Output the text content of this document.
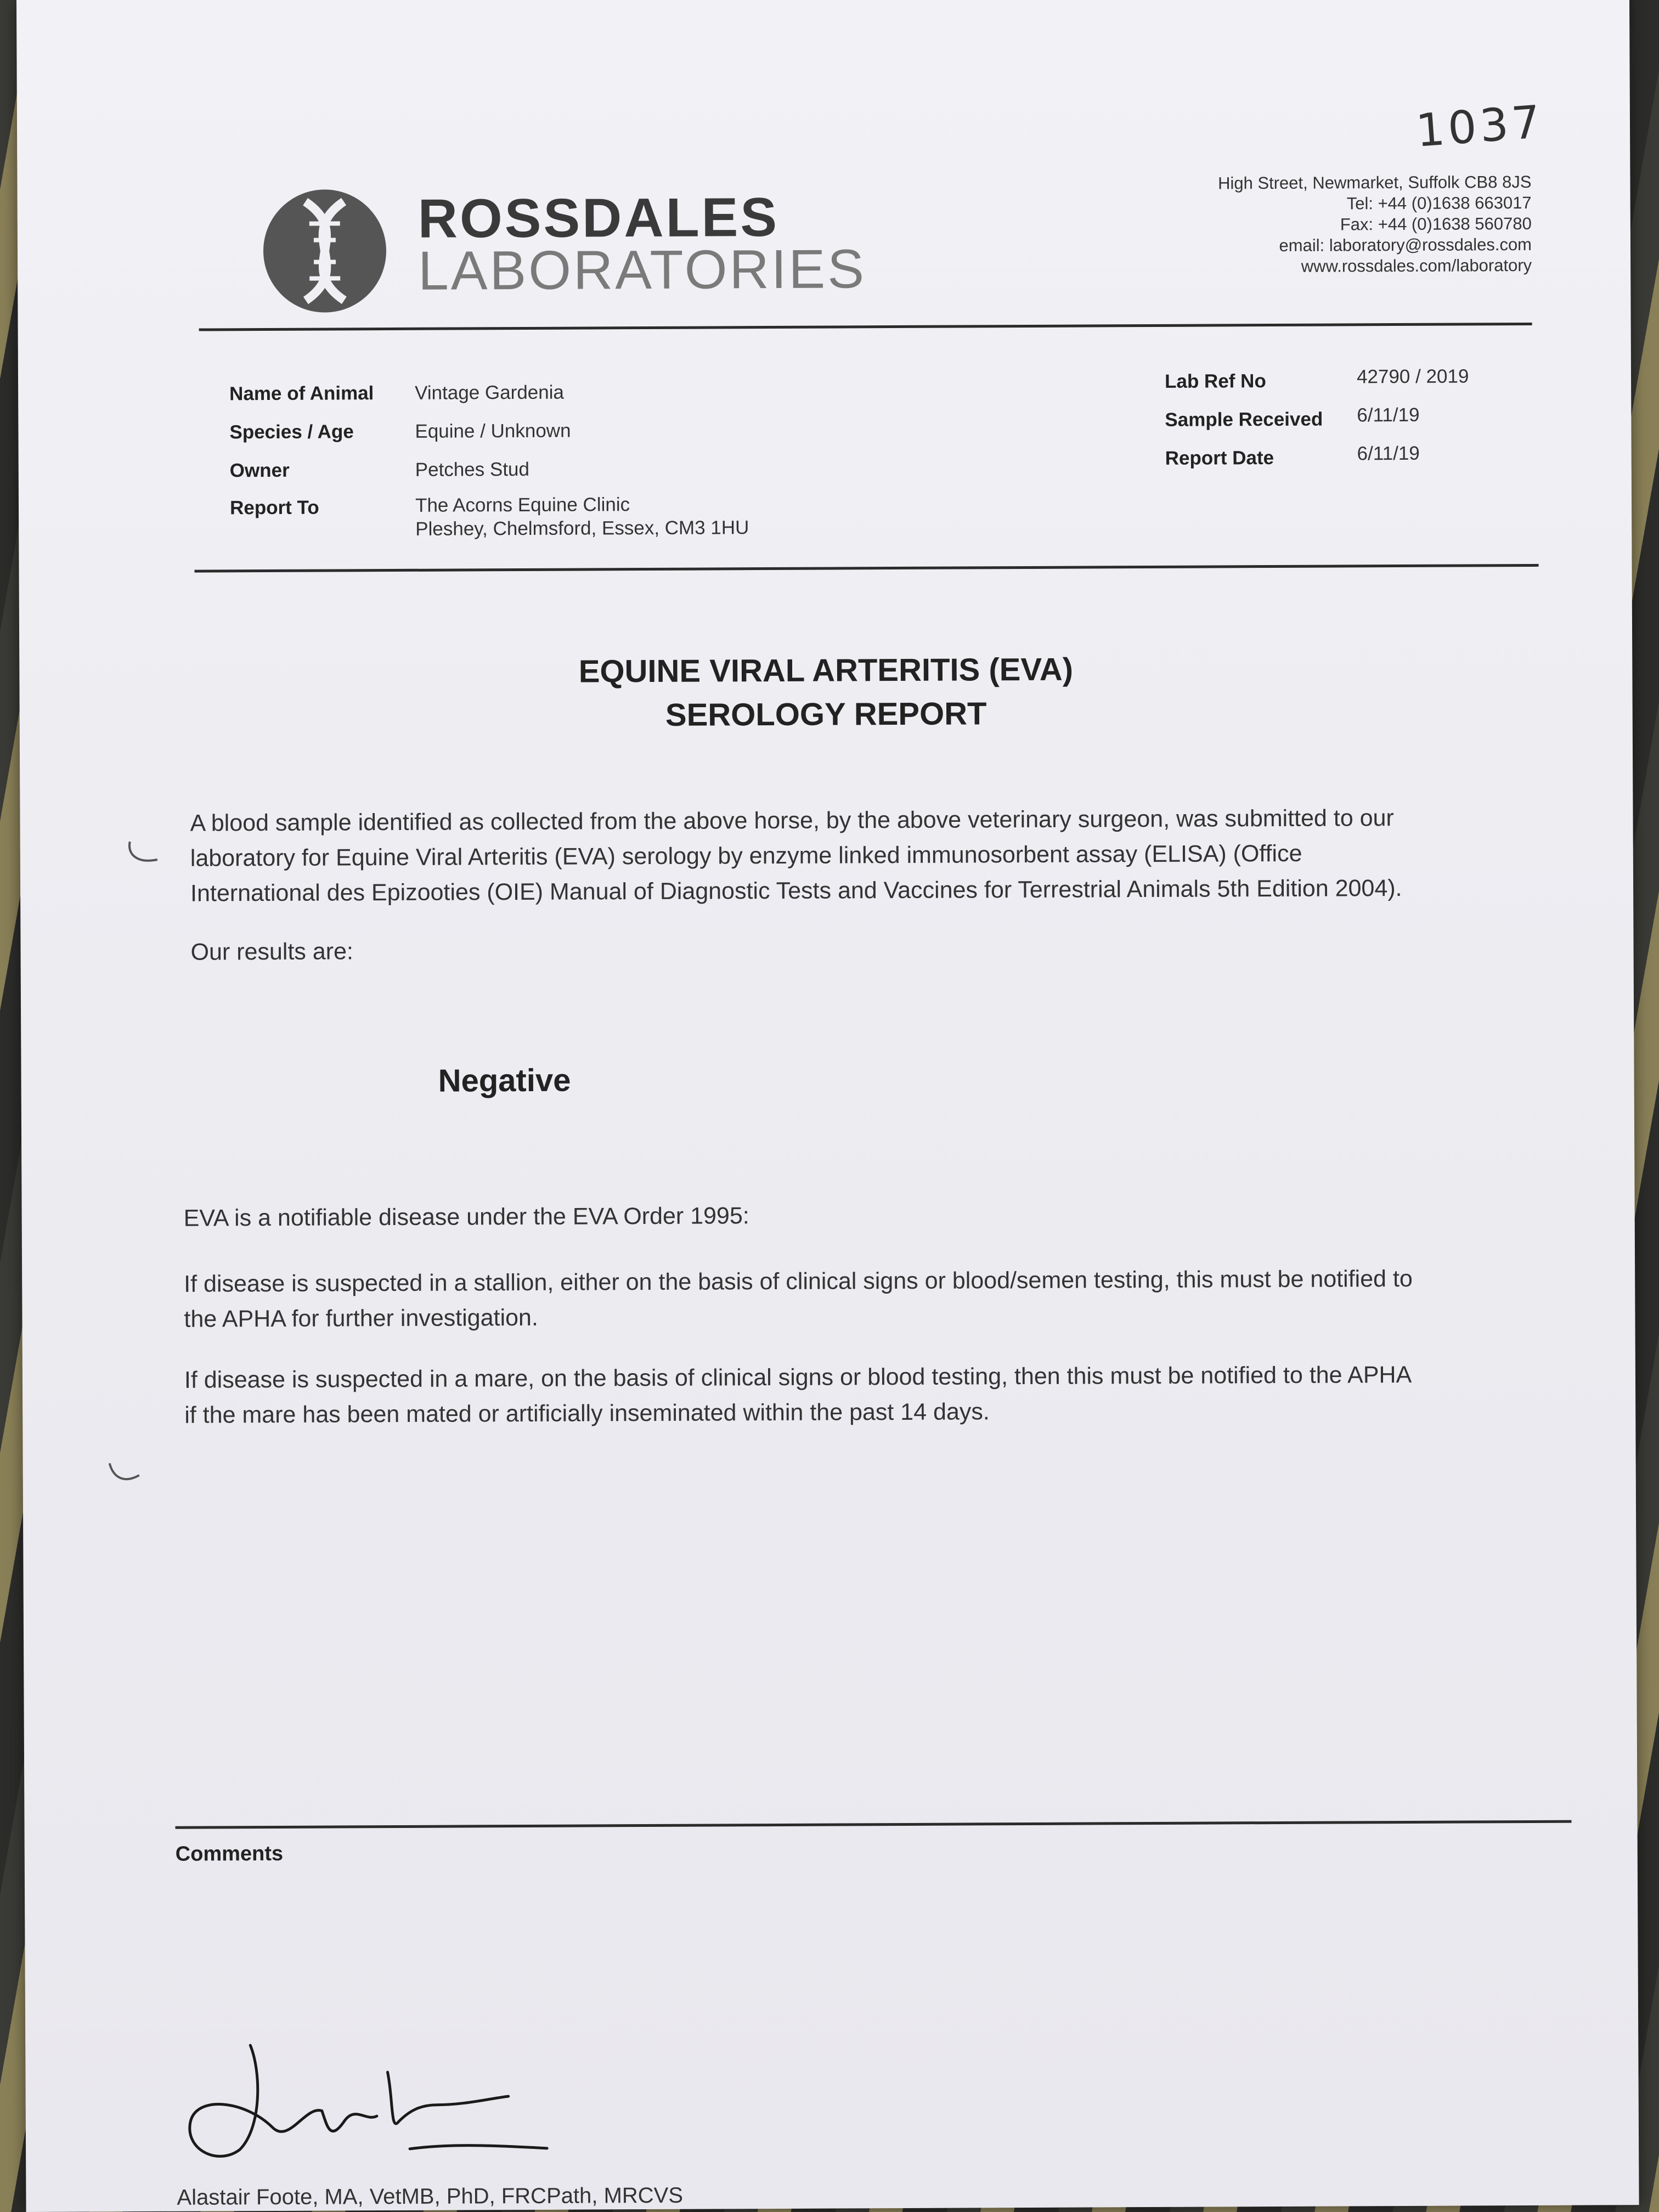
1037
ROSSDALES
LABORATORIES
High Street, Newmarket, Suffolk CB8 8JS
Tel: +44 (0)1638 663017
Fax: +44 (0)1638 560780
email: laboratory@rossdales.com
www.rossdales.com/laboratory
Name of Animal Vintage Gardenia
Species / Age	Equine / Unknown
Owner	Petches Stud
Report To	The Acorns Equine Clinic
Pleshey, Chelmsford, Essex, CM3 1HU
Lab Ref No	42790 / 2019
Sample Received 6/11/19
Report Date	6/11/19
EQUINE VIRAL ARTERITIS (EVA)
SEROLOGY REPORT
A blood sample identified as collected from the above horse, by the above veterinary surgeon, was submitted to our
laboratory for Equine Viral Arteritis (EVA) serology by enzyme linked immunosorbent assay (ELISA) (Office
International des Epizooties (OIE) Manual of Diagnostic Tests and Vaccines for Terrestrial Animals 5th Edition 2004).
Our results are:
Negative
EVA is a notifiable disease under the EVA Order 1995:
If disease is suspected in a stallion, either on the basis of clinical signs or blood/semen testing, this must be notified to
the APHA for further investigation.
If disease is suspected in a mare, on the basis of clinical signs or blood testing, then this must be notified to the APHA
if the mare has been mated or artificially inseminated within the past 14 days.
Comments
Alastair Foote, MA, VetMB, PhD, FRCPath, MRCVS
